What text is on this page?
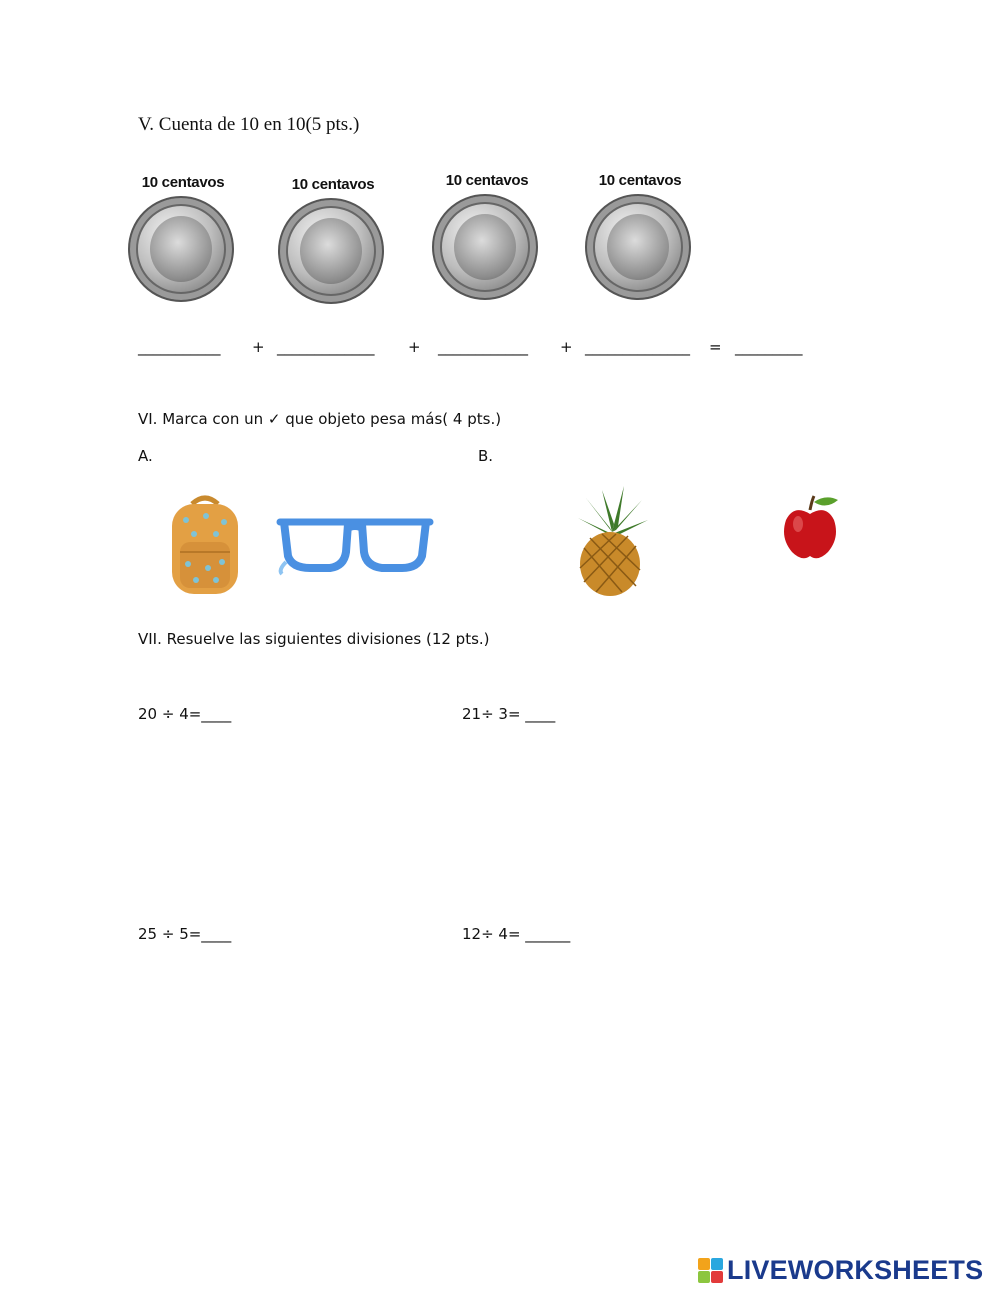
V. Cuenta de 10 en 10(5 pts.)
10 centavos	10 centavos	10 centavos	10 centavos
___________ + _____________ + ____________ + ______________ = _________
VI. Marca con un ✓ que objeto pesa más( 4 pts.)
A.	B.
VII. Resuelve las siguientes divisiones (12 pts.)
20 ÷ 4=____	21÷ 3= ____
25 ÷ 5=____	12÷ 4= ______
LIVEWORKSHEETS
